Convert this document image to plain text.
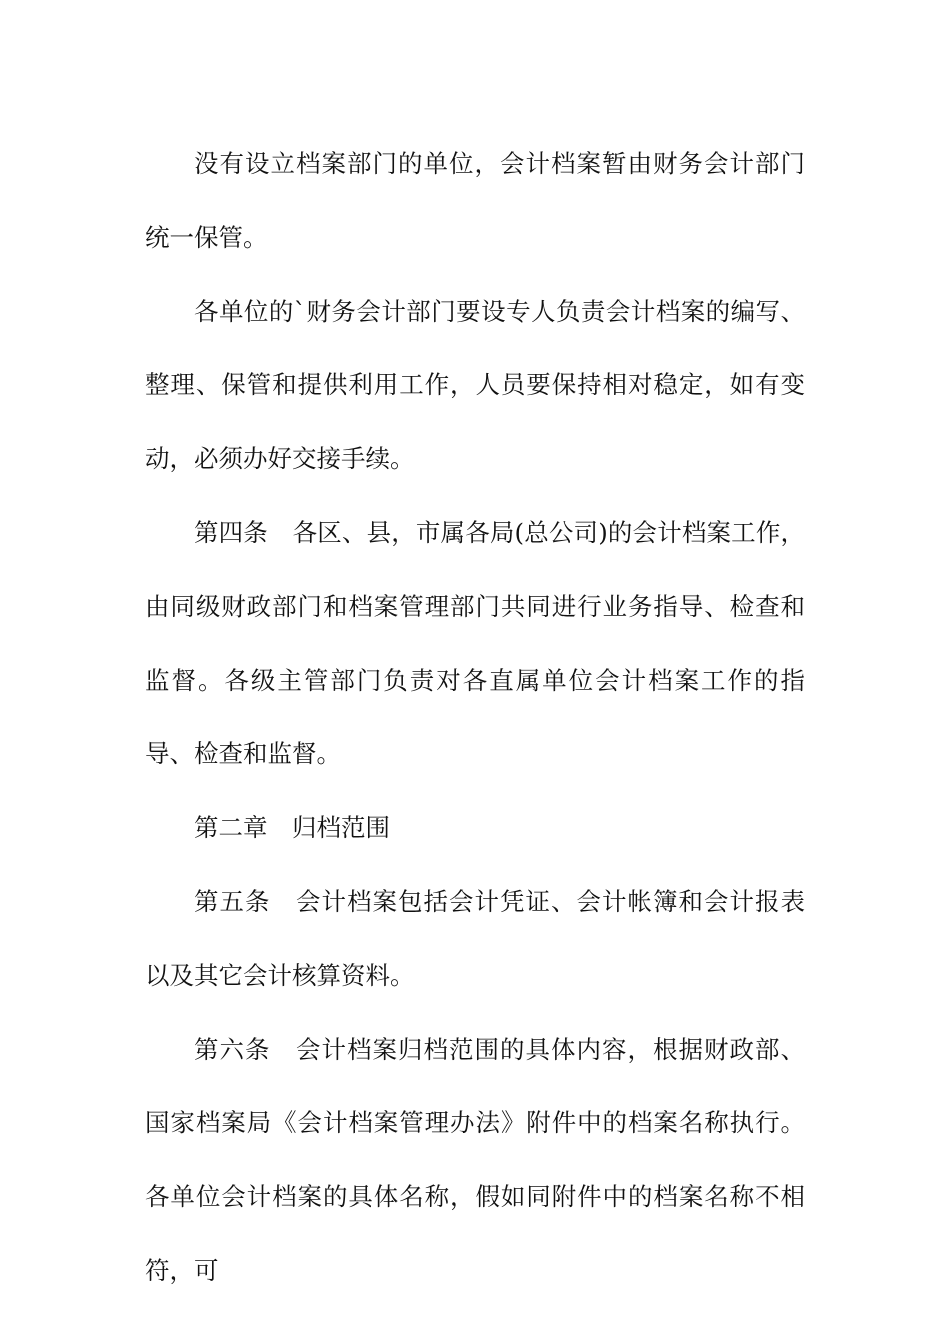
没有设立档案部门的单位，会计档案暂由财务会计部门统一保管。

各单位的`财务会计部门要设专人负责会计档案的编写、整理、保管和提供利用工作，人员要保持相对稳定，如有变动，必须办好交接手续。

第四条　各区、县，市属各局(总公司)的会计档案工作，由同级财政部门和档案管理部门共同进行业务指导、检查和监督。各级主管部门负责对各直属单位会计档案工作的指导、检查和监督。

第二章　归档范围

第五条　会计档案包括会计凭证、会计帐簿和会计报表以及其它会计核算资料。

第六条　会计档案归档范围的具体内容，根据财政部、国家档案局《会计档案管理办法》附件中的档案名称执行。各单位会计档案的具体名称，假如同附件中的档案名称不相符，可
